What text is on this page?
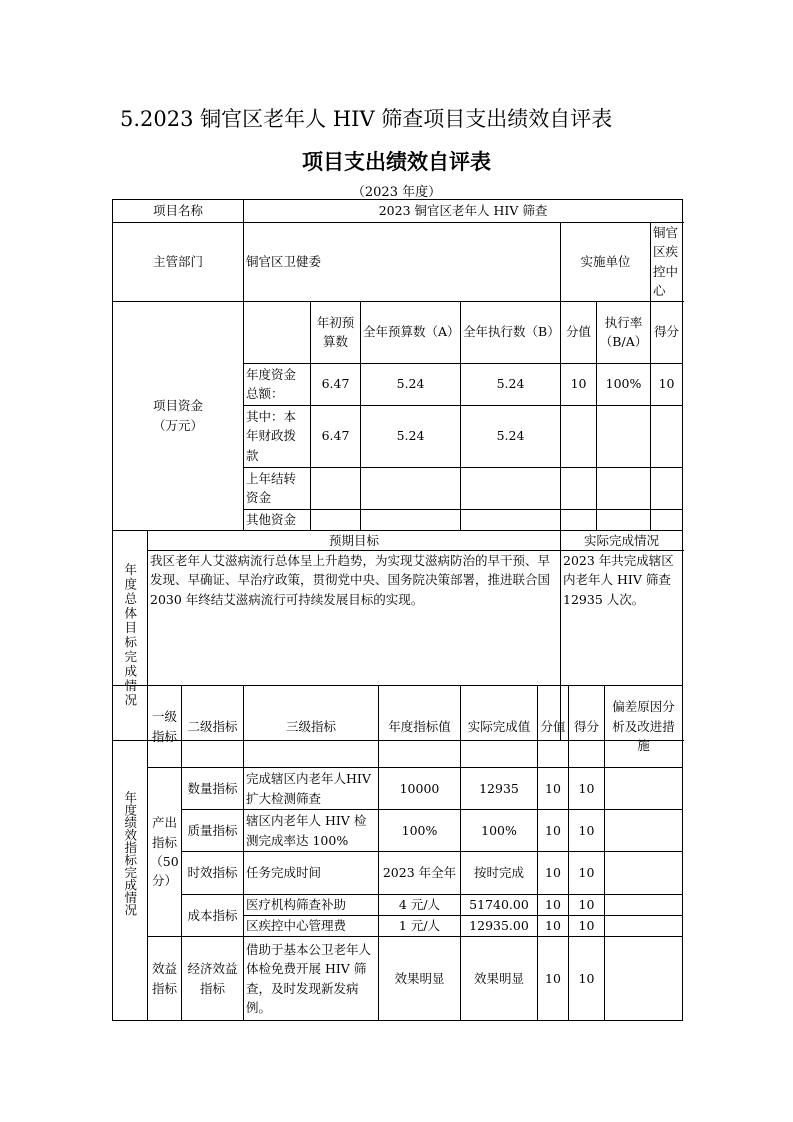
5.2023 铜官区老年人 HIV 筛查项目支出绩效自评表
项目支出绩效自评表
（2023 年度）
项目名称		2023 铜官区老年人 HIV 筛查						
主管部门		铜官区卫健委				实施单位		铜官区疾控中心
项目资金
（万元）			年初预算数	全年预算数（A）	全年执行数（B）	分值	执行率（B/A）	得分
		年度资金总额：	6.47	5.24	5.24	10	100%	10
		其中：本年财政拨款	6.47	5.24	5.24			
		上年结转资金						
		其他资金						

年度总体目标完成情况	预期目标					实际完成情况		
	我区老年人艾滋病流行总体呈上升趋势，为实现艾滋病防治的早干预、早发现、早确证、早治疗政策，贯彻党中央、国务院决策部署，推进联合国 2030 年终结艾滋病流行可持续发展目标的实现。					2023 年共完成辖区内老年人 HIV 筛查 12935 人次。		
年度绩效指标完成情况	一级指标	二级指标	三级指标	年度指标值	实际完成值	分值	得分	偏差原因分析及改进措施
	产出指标（50分）	数量指标	完成辖区内老年人HIV 扩大检测筛查	10000	12935	10	10	
		质量指标	辖区内老年人 HIV 检测完成率达 100%	100%	100%	10	10	
		时效指标	任务完成时间	2023 年全年	按时完成	10	10	
		成本指标	医疗机构筛查补助	4 元/人	51740.00	10	10	
			区疾控中心管理费	1 元/人	12935.00	10	10	
	效益指标	经济效益指标	借助于基本公卫老年人体检免费开展 HIV 筛查，及时发现新发病例。	效果明显	效果明显	10	10	
